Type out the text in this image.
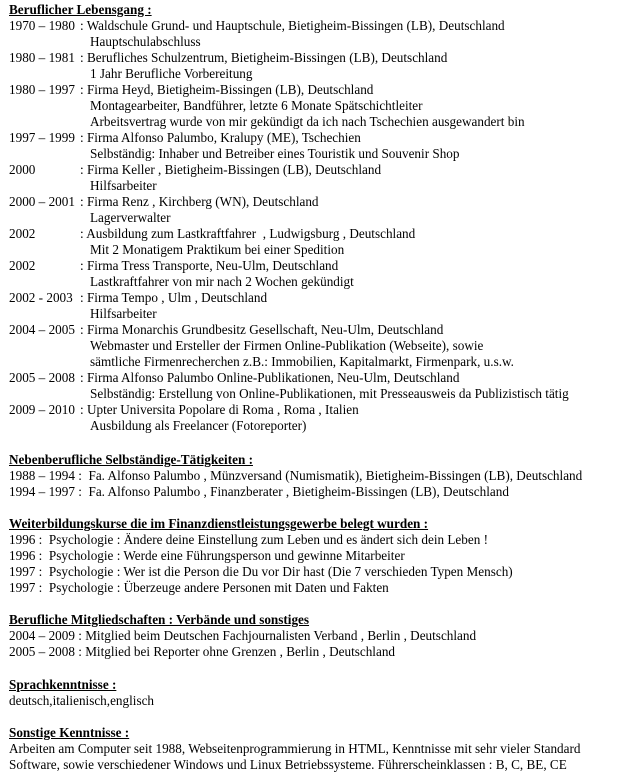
Beruflicher Lebensgang :
1970 – 1980 : Waldschule Grund- und Hauptschule, Bietigheim-Bissingen (LB), Deutschland
Hauptschulabschluss
1980 – 1981 : Berufliches Schulzentrum, Bietigheim-Bissingen (LB), Deutschland
1 Jahr Berufliche Vorbereitung
1980 – 1997 : Firma Heyd, Bietigheim-Bissingen (LB), Deutschland
Montagearbeiter, Bandführer, letzte 6 Monate Spätschichtleiter
Arbeitsvertrag wurde von mir gekündigt da ich nach Tschechien ausgewandert bin
1997 – 1999 : Firma Alfonso Palumbo, Kralupy (ME), Tschechien
Selbständig: Inhaber und Betreiber eines Touristik und Souvenir Shop
2000	: Firma Keller , Bietigheim-Bissingen (LB), Deutschland
Hilfsarbeiter
2000 – 2001 : Firma Renz , Kirchberg (WN), Deutschland
Lagerverwalter
2002	: Ausbildung zum Lastkraftfahrer  , Ludwigsburg , Deutschland
Mit 2 Monatigem Praktikum bei einer Spedition
2002	: Firma Tress Transporte, Neu-Ulm, Deutschland
Lastkraftfahrer von mir nach 2 Wochen gekündigt
2002 - 2003 : Firma Tempo , Ulm , Deutschland
Hilfsarbeiter
2004 – 2005 : Firma Monarchis Grundbesitz Gesellschaft, Neu-Ulm, Deutschland
Webmaster und Ersteller der Firmen Online-Publikation (Webseite), sowie
sämtliche Firmenrecherchen z.B.: Immobilien, Kapitalmarkt, Firmenpark, u.s.w.
2005 – 2008 : Firma Alfonso Palumbo Online-Publikationen, Neu-Ulm, Deutschland
Selbständig: Erstellung von Online-Publikationen, mit Presseausweis da Publizistisch tätig
2009 – 2010 : Upter Universita Popolare di Roma , Roma , Italien
Ausbildung als Freelancer (Fotoreporter)
Nebenberufliche Selbständige-Tätigkeiten :
1988 – 1994 :  Fa. Alfonso Palumbo , Münzversand (Numismatik), Bietigheim-Bissingen (LB), Deutschland
1994 – 1997 :  Fa. Alfonso Palumbo , Finanzberater , Bietigheim-Bissingen (LB), Deutschland
Weiterbildungskurse die im Finanzdienstleistungsgewerbe belegt wurden :
1996 :  Psychologie : Ändere deine Einstellung zum Leben und es ändert sich dein Leben !
1996 :  Psychologie : Werde eine Führungsperson und gewinne Mitarbeiter
1997 :  Psychologie : Wer ist die Person die Du vor Dir hast (Die 7 verschieden Typen Mensch)
1997 :  Psychologie : Überzeuge andere Personen mit Daten und Fakten
Berufliche Mitgliedschaften : Verbände und sonstiges
2004 – 2009 : Mitglied beim Deutschen Fachjournalisten Verband , Berlin , Deutschland
2005 – 2008 : Mitglied bei Reporter ohne Grenzen , Berlin , Deutschland
Sprachkenntnisse :
deutsch,italienisch,englisch
Sonstige Kenntnisse :
Arbeiten am Computer seit 1988, Webseitenprogrammierung in HTML, Kenntnisse mit sehr vieler Standard
Software, sowie verschiedener Windows und Linux Betriebssysteme. Führerscheinklassen : B, C, BE, CE
